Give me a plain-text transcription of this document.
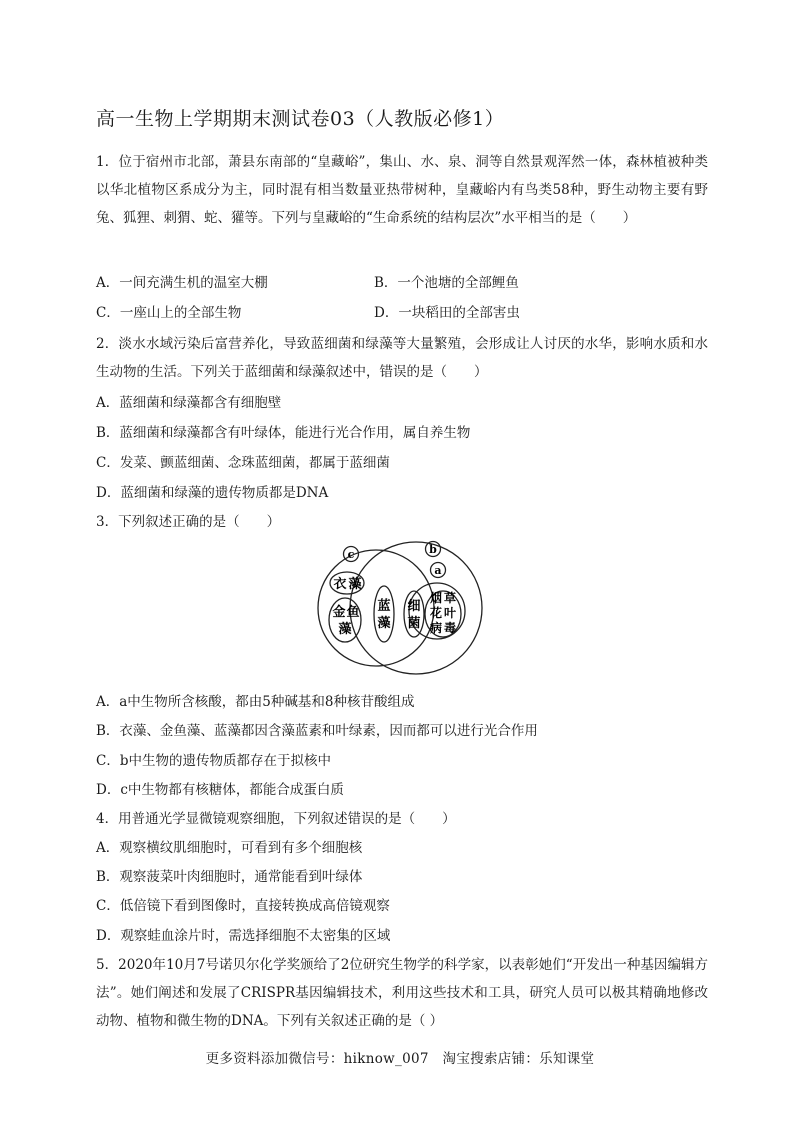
高一生物上学期期末测试卷03（人教版必修1）
1．位于宿州市北部，萧县东南部的“皇藏峪”，集山、水、泉、洞等自然景观浑然一体，森林植被种类以华北植物区系成分为主，同时混有相当数量亚热带树种，皇藏峪内有鸟类58种，野生动物主要有野兔、狐狸、刺猬、蛇、獾等。下列与皇藏峪的“生命系统的结构层次”水平相当的是（　　）
A．一间充满生机的温室大棚	B．一个池塘的全部鲤鱼
C．一座山上的全部生物	D．一块稻田的全部害虫
2．淡水水域污染后富营养化，导致蓝细菌和绿藻等大量繁殖，会形成让人讨厌的水华，影响水质和水生动物的生活。下列关于蓝细菌和绿藻叙述中，错误的是（　　）
A．蓝细菌和绿藻都含有细胞壁
B．蓝细菌和绿藻都含有叶绿体，能进行光合作用，属自养生物
C．发菜、颤蓝细菌、念珠蓝细菌，都属于蓝细菌
D．蓝细菌和绿藻的遗传物质都是DNA
3．下列叙述正确的是（　　）
c	b
a
衣 藻
金 鱼
藻
蓝
藻
细
菌
烟 草
花 叶
病 毒
A．a中生物所含核酸，都由5种碱基和8种核苷酸组成
B．衣藻、金鱼藻、蓝藻都因含藻蓝素和叶绿素，因而都可以进行光合作用
C．b中生物的遗传物质都存在于拟核中
D．c中生物都有核糖体，都能合成蛋白质
4．用普通光学显微镜观察细胞，下列叙述错误的是（　　）
A．观察横纹肌细胞时，可看到有多个细胞核
B．观察菠菜叶肉细胞时，通常能看到叶绿体
C．低倍镜下看到图像时，直接转换成高倍镜观察
D．观察蛙血涂片时，需选择细胞不太密集的区域
5．2020年10月7号诺贝尔化学奖颁给了2位研究生物学的科学家，以表彰她们“开发出一种基因编辑方法”。她们阐述和发展了CRISPR基因编辑技术，利用这些技术和工具，研究人员可以极其精确地修改动物、植物和微生物的DNA。下列有关叙述正确的是（ ）
更多资料添加微信号：hiknow_007　淘宝搜索店铺：乐知课堂
